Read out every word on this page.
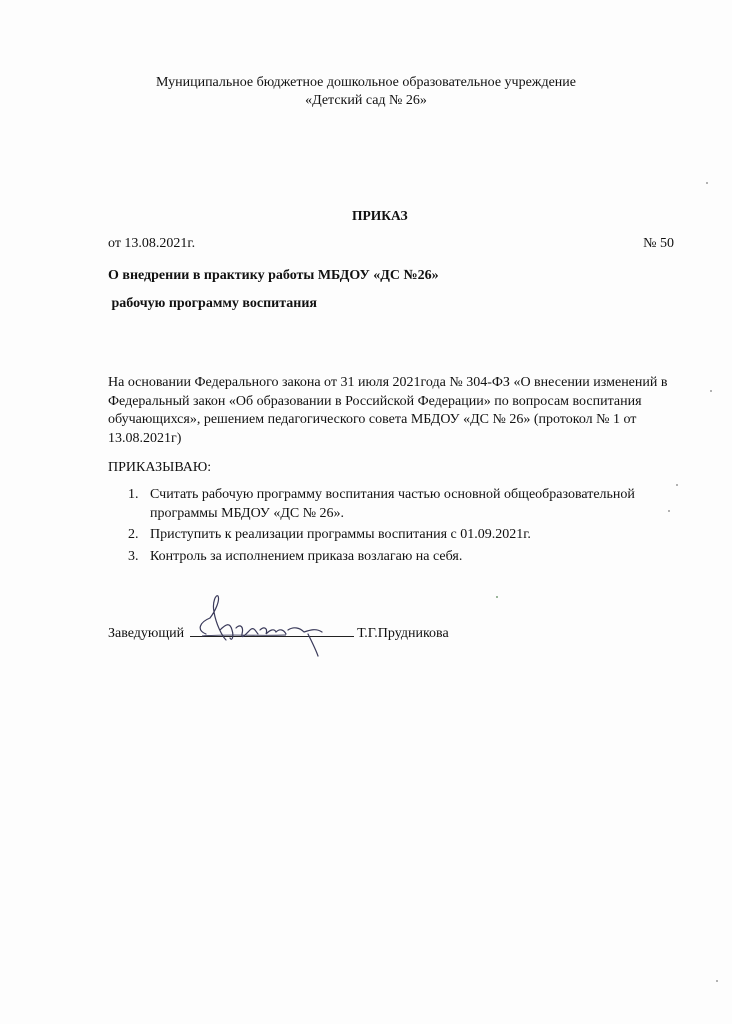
Муниципальное бюджетное дошкольное образовательное учреждение
«Детский сад № 26»
ПРИКАЗ
от 13.08.2021г.	№ 50
О внедрении в практику работы МБДОУ «ДС №26»
рабочую программу воспитания
На основании Федерального закона от 31 июля 2021года № 304-ФЗ «О внесении изменений в Федеральный закон «Об образовании в Российской Федерации» по вопросам воспитания обучающихся», решением педагогического совета МБДОУ «ДС № 26» (протокол № 1 от 13.08.2021г)
ПРИКАЗЫВАЮ:
1. Считать рабочую программу воспитания частью основной общеобразовательной программы МБДОУ «ДС № 26».
2. Приступить к реализации программы воспитания с 01.09.2021г.
3. Контроль за исполнением приказа возлагаю на себя.
Заведующий	Т.Г.Прудникова
